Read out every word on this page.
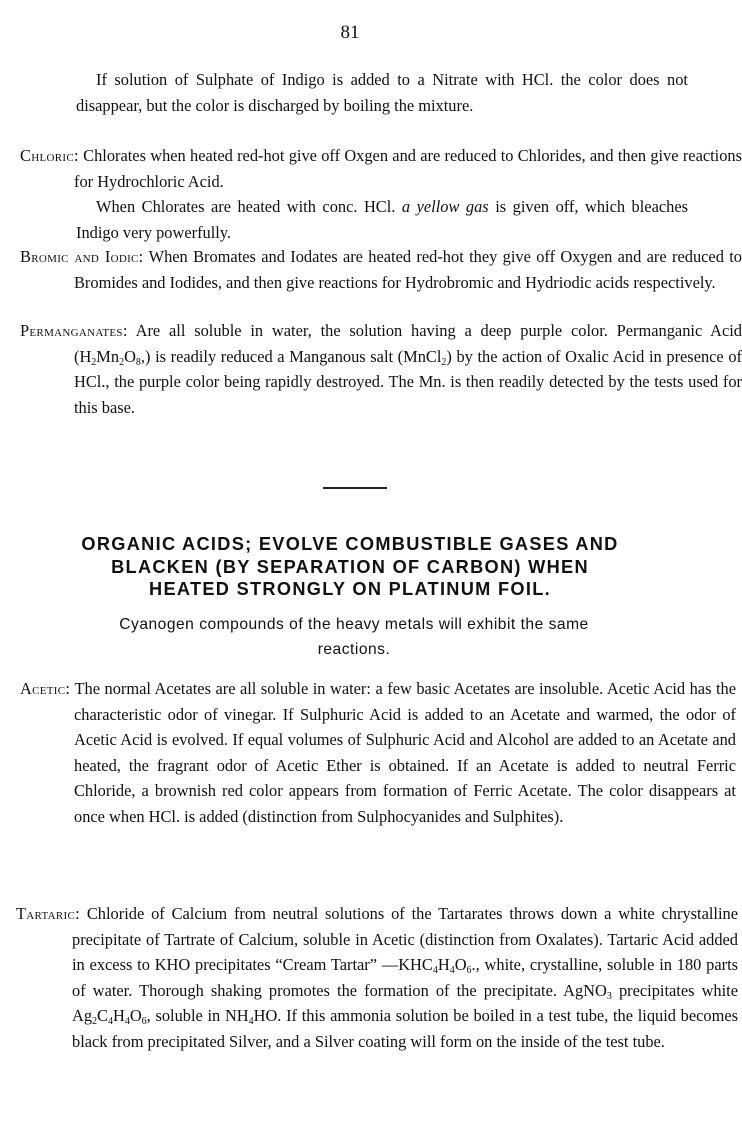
81
If solution of Sulphate of Indigo is added to a Nitrate with HCl. the color does not disappear, but the color is discharged by boiling the mixture.
Chloric: Chlorates when heated red-hot give off Oxgen and are reduced to Chlorides, and then give reactions for Hydrochloric Acid.
When Chlorates are heated with conc. HCl. a yellow gas is given off, which bleaches Indigo very powerfully.
Bromic and Iodic: When Bromates and Iodates are heated red-hot they give off Oxygen and are reduced to Bromides and Iodides, and then give reactions for Hydrobromic and Hydriodic acids respectively.
Permanganates: Are all soluble in water, the solution having a deep purple color. Permanganic Acid $(H_2Mn_2O_8,)$ is readily reduced a Manganous salt (MnCl$_2$) by the action of Oxalic Acid in presence of HCl., the purple color being rapidly destroyed. The Mn. is then readily detected by the tests used for this base.
ORGANIC ACIDS; EVOLVE COMBUSTIBLE GASES AND
BLACKEN (BY SEPARATION OF CARBON) WHEN
HEATED STRONGLY ON PLATINUM FOIL.
Cyanogen compounds of the heavy metals will exhibit the same
reactions.
Acetic: The normal Acetates are all soluble in water: a few basic Acetates are insoluble. Acetic Acid has the characteristic odor of vinegar. If Sulphuric Acid is added to an Acetate and warmed, the odor of Acetic Acid is evolved. If equal volumes of Sulphuric Acid and Alcohol are added to an Acetate and heated, the fragrant odor of Acetic Ether is obtained. If an Acetate is added to neutral Ferric Chloride, a brownish red color appears from formation of Ferric Acetate. The color disappears at once when HCl. is added (distinction from Sulphocyanides and Sulphites).
Tartaric: Chloride of Calcium from neutral solutions of the Tartarates throws down a white chrystalline precipitate of Tartrate of Calcium, soluble in Acetic (distinction from Oxalates). Tartaric Acid added in excess to KHO precipitates “Cream Tartar” $—KHC_4H_4O_6$., white, crystalline, soluble in 180 parts of water. Thorough shaking promotes the formation of the precipitate. AgNO$_3$ precipitates white $Ag_2C_4H_4O_6$, soluble in $NH_4HO$. If this ammonia solution be boiled in a test tube, the liquid becomes black from precipitated Silver, and a Silver coating will form on the inside of the test tube.
